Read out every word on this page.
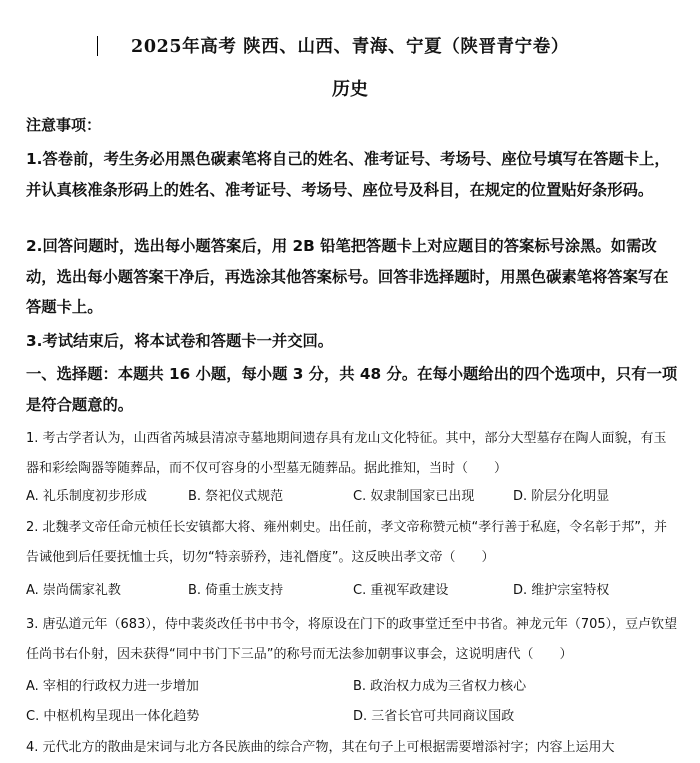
2025年高考 陕西、山西、青海、宁夏（陕晋青宁卷）
历史
注意事项：
1.答卷前，考生务必用黑色碳素笔将自己的姓名、准考证号、考场号、座位号填写在答题卡上，并认真核准条形码上的姓名、准考证号、考场号、座位号及科目，在规定的位置贴好条形码。
2.回答问题时，选出每小题答案后，用 2B 铅笔把答题卡上对应题目的答案标号涂黑。如需改动，选出每小题答案干净后，再选涂其他答案标号。回答非选择题时，用黑色碳素笔将答案写在答题卡上。
3.考试结束后，将本试卷和答题卡一并交回。
一、选择题：本题共 16 小题，每小题 3 分，共 48 分。在每小题给出的四个选项中，只有一项是符合题意的。
1. 考古学者认为，山西省芮城县清凉寺墓地期间遗存具有龙山文化特征。其中，部分大型墓存在陶人面貌，有玉器和彩绘陶器等随葬品，而不仅可容身的小型墓无随葬品。据此推知，当时（　　）
A. 礼乐制度初步形成	B. 祭祀仪式规范	C. 奴隶制国家已出现	D. 阶层分化明显
2. 北魏孝文帝任命元桢任长安镇都大将、雍州刺史。出任前，孝文帝称赞元桢“孝行善于私庭，令名彰于邦”，并告诫他到后任要抚恤士兵，切勿“特亲骄矜，违礼僭度”。这反映出孝文帝（　　）
A. 崇尚儒家礼教	B. 倚重士族支持	C. 重视军政建设	D. 维护宗室特权
3. 唐弘道元年（683），侍中裴炎改任书中书令，将原设在门下的政事堂迁至中书省。神龙元年（705），豆卢钦望任尚书右仆射，因未获得“同中书门下三品”的称号而无法参加朝事议事会，这说明唐代（　　）
A. 宰相的行政权力进一步增加	B. 政治权力成为三省权力核心
C. 中枢机构呈现出一体化趋势	D. 三省长官可共同商议国政
4. 元代北方的散曲是宋词与北方各民族曲的综合产物，其在句子上可根据需要增添衬字；内容上运用大
